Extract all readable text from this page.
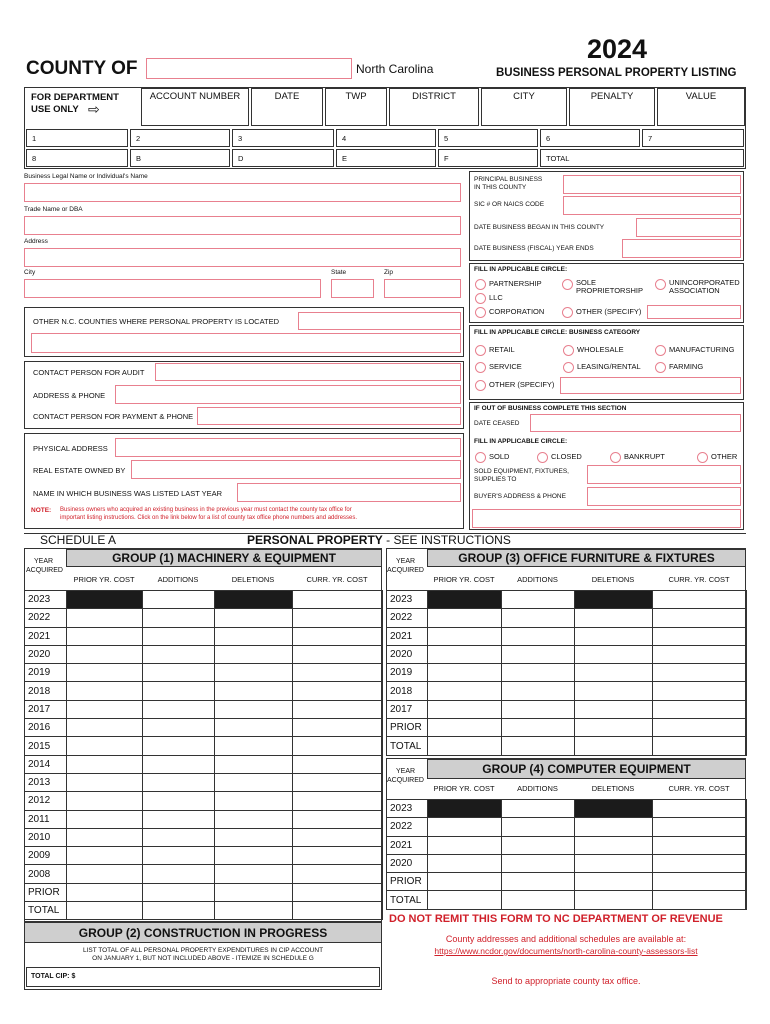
COUNTY OF	North Carolina
2024
BUSINESS PERSONAL PROPERTY LISTING
FOR DEPARTMENT
USE ONLY ⇨
ACCOUNT NUMBER	DATE	TWP	DISTRICT	CITY	PENALTY	VALUE
1	2	3	4	5	6	7
8	B	D	E	F	TOTAL
Business Legal Name or Individual's Name
Trade Name or DBA
Address
City	State	Zip
OTHER N.C. COUNTIES WHERE PERSONAL PROPERTY IS LOCATED
CONTACT PERSON FOR AUDIT
ADDRESS & PHONE
CONTACT PERSON FOR PAYMENT & PHONE
PHYSICAL ADDRESS
REAL ESTATE OWNED BY
NAME IN WHICH BUSINESS WAS LISTED LAST YEAR
NOTE: Business owners who acquired an existing business in the previous year must contact the county tax office for
important listing instructions. Click on the link below for a list of county tax office phone numbers and addresses.
PRINCIPAL BUSINESS
IN THIS COUNTY
SIC # OR NAICS CODE
DATE BUSINESS BEGAN IN THIS COUNTY
DATE BUSINESS (FISCAL) YEAR ENDS
FILL IN APPLICABLE CIRCLE:
PARTNERSHIP	SOLE
PROPRIETORSHIP
UNINCORPORATED
ASSOCIATION
LLC
CORPORATION	OTHER (SPECIFY)
FILL IN APPLICABLE CIRCLE: BUSINESS CATEGORY
RETAIL	WHOLESALE	MANUFACTURING
SERVICE	LEASING/RENTAL	FARMING
OTHER (SPECIFY)
IF OUT OF BUSINESS COMPLETE THIS SECTION
DATE CEASED
FILL IN APPLICABLE CIRCLE:
SOLD	CLOSED	BANKRUPT	OTHER
SOLD EQUIPMENT, FIXTURES,
SUPPLIES TO
BUYER'S ADDRESS & PHONE
SCHEDULE A	PERSONAL PROPERTY - SEE INSTRUCTIONS
YEAR
ACQUIRED
GROUP (1) MACHINERY & EQUIPMENT
PRIOR YR. COST	ADDITIONS	DELETIONS	CURR. YR. COST
2023				
2022				
2021				
2020				
2019				
2018				
2017				
2016				
2015				
2014				
2013				
2012				
2011				
2010				
2009				
2008				
PRIOR				
TOTAL				
YEAR
ACQUIRED
GROUP (3) OFFICE FURNITURE & FIXTURES
PRIOR YR. COST	ADDITIONS	DELETIONS	CURR. YR. COST
2023				
2022				
2021				
2020				
2019				
2018				
2017				
PRIOR				
TOTAL				
YEAR
ACQUIRED
GROUP (4) COMPUTER EQUIPMENT
PRIOR YR. COST	ADDITIONS	DELETIONS	CURR. YR. COST
2023				
2022				
2021				
2020				
PRIOR				
TOTAL				
GROUP (2) CONSTRUCTION IN PROGRESS
LIST TOTAL OF ALL PERSONAL PROPERTY EXPENDITURES IN CIP ACCOUNT
ON JANUARY 1, BUT NOT INCLUDED ABOVE - ITEMIZE IN SCHEDULE G
TOTAL CIP: $
DO NOT REMIT THIS FORM TO NC DEPARTMENT OF REVENUE
County addresses and additional schedules are available at:
https://www.ncdor.gov/documents/north-carolina-county-assessors-list
Send to appropriate county tax office.
